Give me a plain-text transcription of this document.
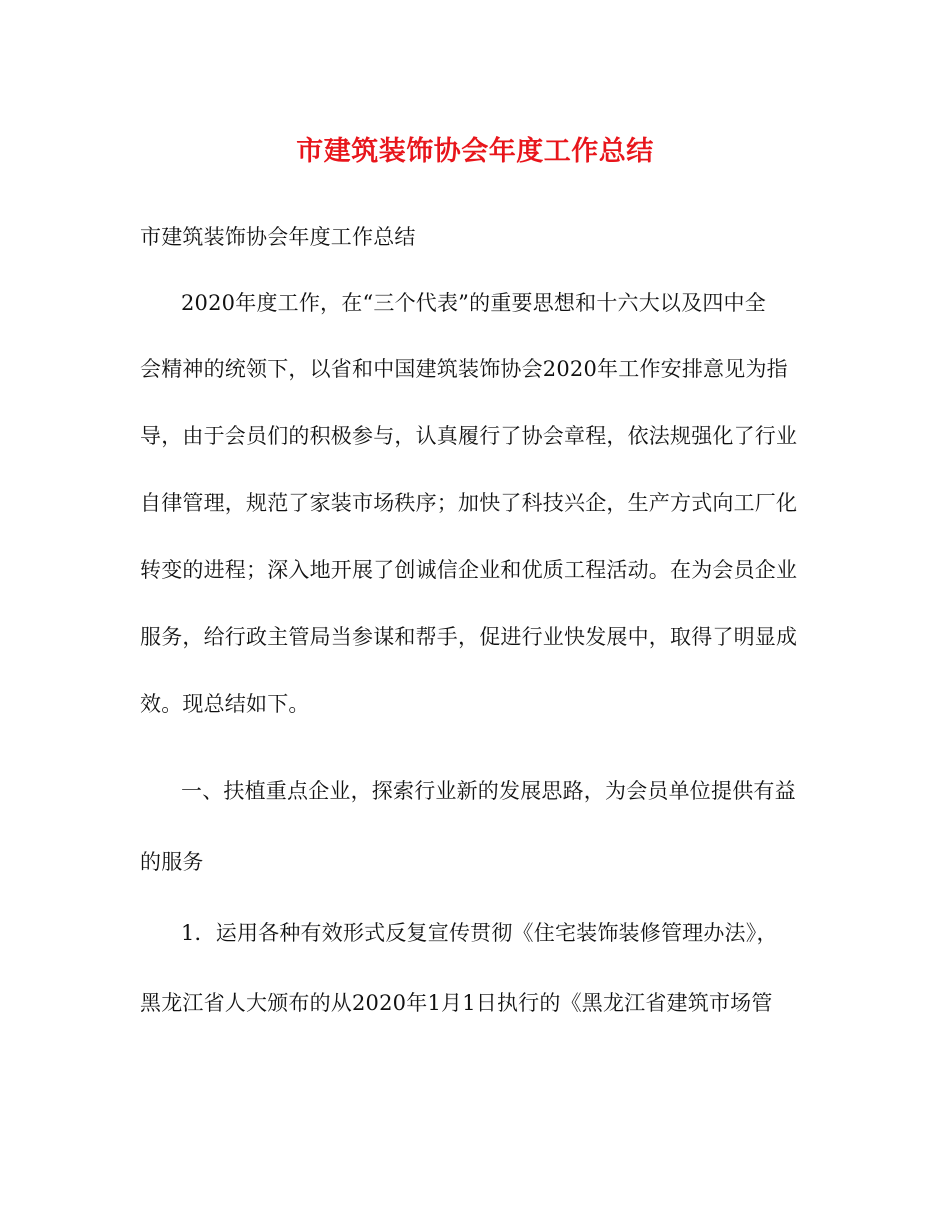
市建筑装饰协会年度工作总结
市建筑装饰协会年度工作总结
2020年度工作，在“三个代表”的重要思想和十六大以及四中全
会精神的统领下，以省和中国建筑装饰协会2020年工作安排意见为指
导，由于会员们的积极参与，认真履行了协会章程，依法规强化了行业
自律管理，规范了家装市场秩序；加快了科技兴企，生产方式向工厂化
转变的进程；深入地开展了创诚信企业和优质工程活动。在为会员企业
服务，给行政主管局当参谋和帮手，促进行业快发展中，取得了明显成
效。现总结如下。
一、扶植重点企业，探索行业新的发展思路，为会员单位提供有益
的服务
1．运用各种有效形式反复宣传贯彻《住宅装饰装修管理办法》，
黑龙江省人大颁布的从2020年1月1日执行的《黑龙江省建筑市场管
